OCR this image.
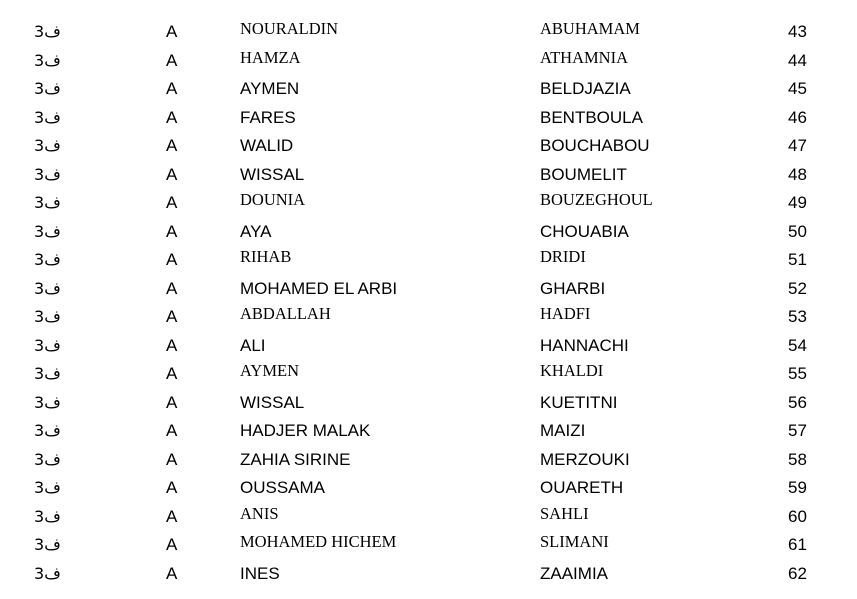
ف3	A	NOURALDIN	ABUHAMAM	43
ف3	A	HAMZA	ATHAMNIA	44
ف3	A	AYMEN	BELDJAZIA	45
ف3	A	FARES	BENTBOULA	46
ف3	A	WALID	BOUCHABOU	47
ف3	A	WISSAL	BOUMELIT	48
ف3	A	DOUNIA	BOUZEGHOUL	49
ف3	A	AYA	CHOUABIA	50
ف3	A	RIHAB	DRIDI	51
ف3	A	MOHAMED EL ARBI	GHARBI	52
ف3	A	ABDALLAH	HADFI	53
ف3	A	ALI	HANNACHI	54
ف3	A	AYMEN	KHALDI	55
ف3	A	WISSAL	KUETITNI	56
ف3	A	HADJER MALAK	MAIZI	57
ف3	A	ZAHIA SIRINE	MERZOUKI	58
ف3	A	OUSSAMA	OUARETH	59
ف3	A	ANIS	SAHLI	60
ف3	A	MOHAMED HICHEM	SLIMANI	61
ف3	A	INES	ZAAIMIA	62
